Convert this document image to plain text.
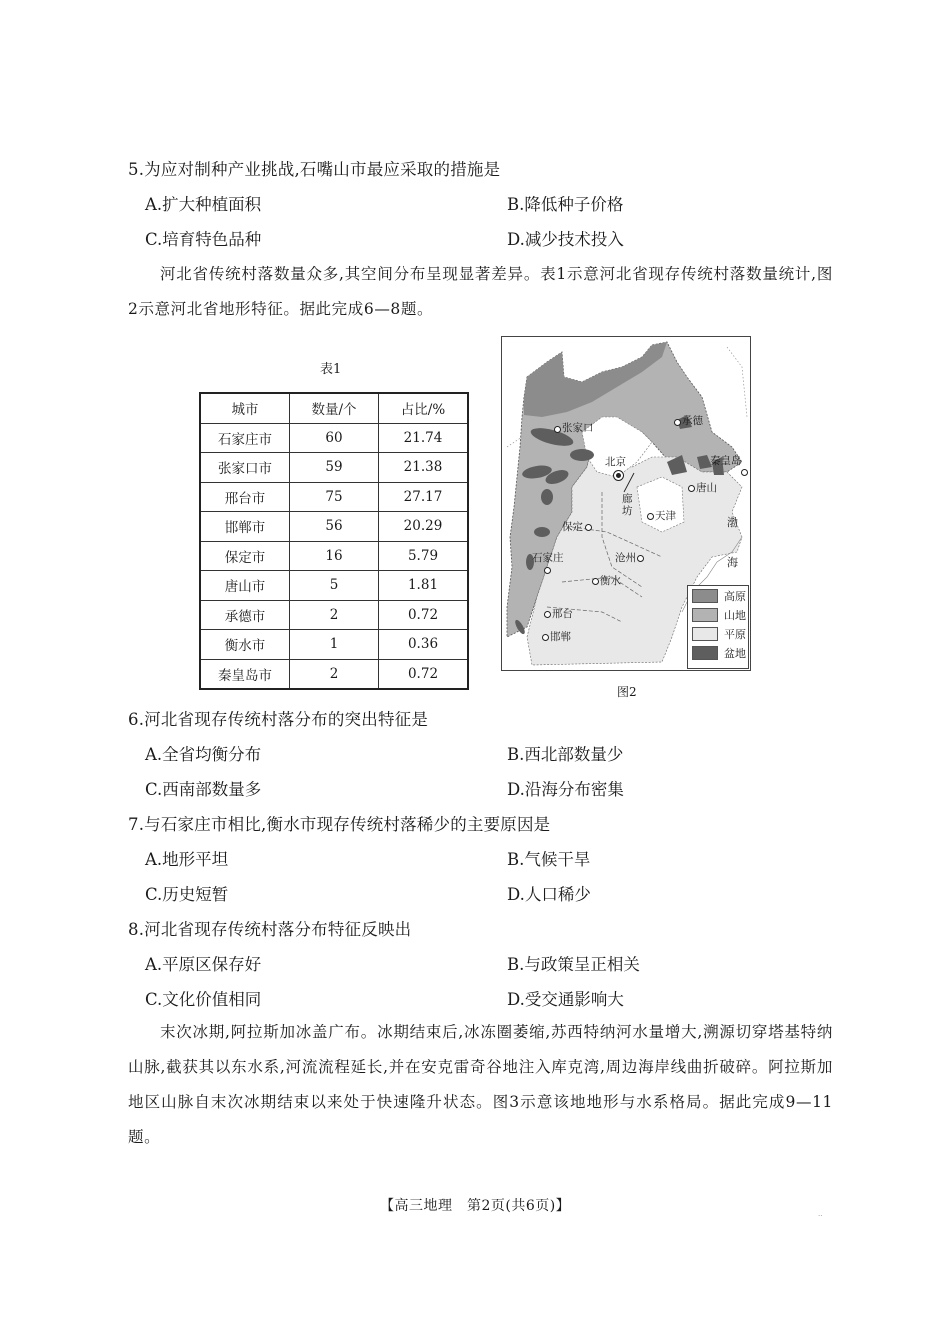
5.为应对制种产业挑战,石嘴山市最应采取的措施是
A.扩大种植面积	B.降低种子价格
C.培育特色品种	D.减少技术投入
河北省传统村落数量众多,其空间分布呈现显著差异。表1示意河北省现存传统村落数量统计,图2示意河北省地形特征。据此完成6—8题。
表1
城市	数量/个	占比/%
石家庄市	60	21.74
张家口市	59	21.38
邢台市	75	27.17
邯郸市	56	20.29
保定市	16	5.79
唐山市	5	1.81
承德市	2	0.72
衡水市	1	0.36
秦皇岛市	2	0.72
张家口
承德
北京	秦皇岛
唐山
廊坊 天津
保定
石家庄	沧州
衡水
邢台
邯郸
渤
海
高原
山地
平原
盆地
图2
6.河北省现存传统村落分布的突出特征是
A.全省均衡分布	B.西北部数量少
C.西南部数量多	D.沿海分布密集
7.与石家庄市相比,衡水市现存传统村落稀少的主要原因是
A.地形平坦	B.气候干旱
C.历史短暂	D.人口稀少
8.河北省现存传统村落分布特征反映出
A.平原区保存好	B.与政策呈正相关
C.文化价值相同	D.受交通影响大
末次冰期,阿拉斯加冰盖广布。冰期结束后,冰冻圈萎缩,苏西特纳河水量增大,溯源切穿塔基特纳山脉,截获其以东水系,河流流程延长,并在安克雷奇谷地注入库克湾,周边海岸线曲折破碎。阿拉斯加地区山脉自末次冰期结束以来处于快速隆升状态。图3示意该地地形与水系格局。据此完成9—11题。
【高三地理　第2页(共6页)】	..
